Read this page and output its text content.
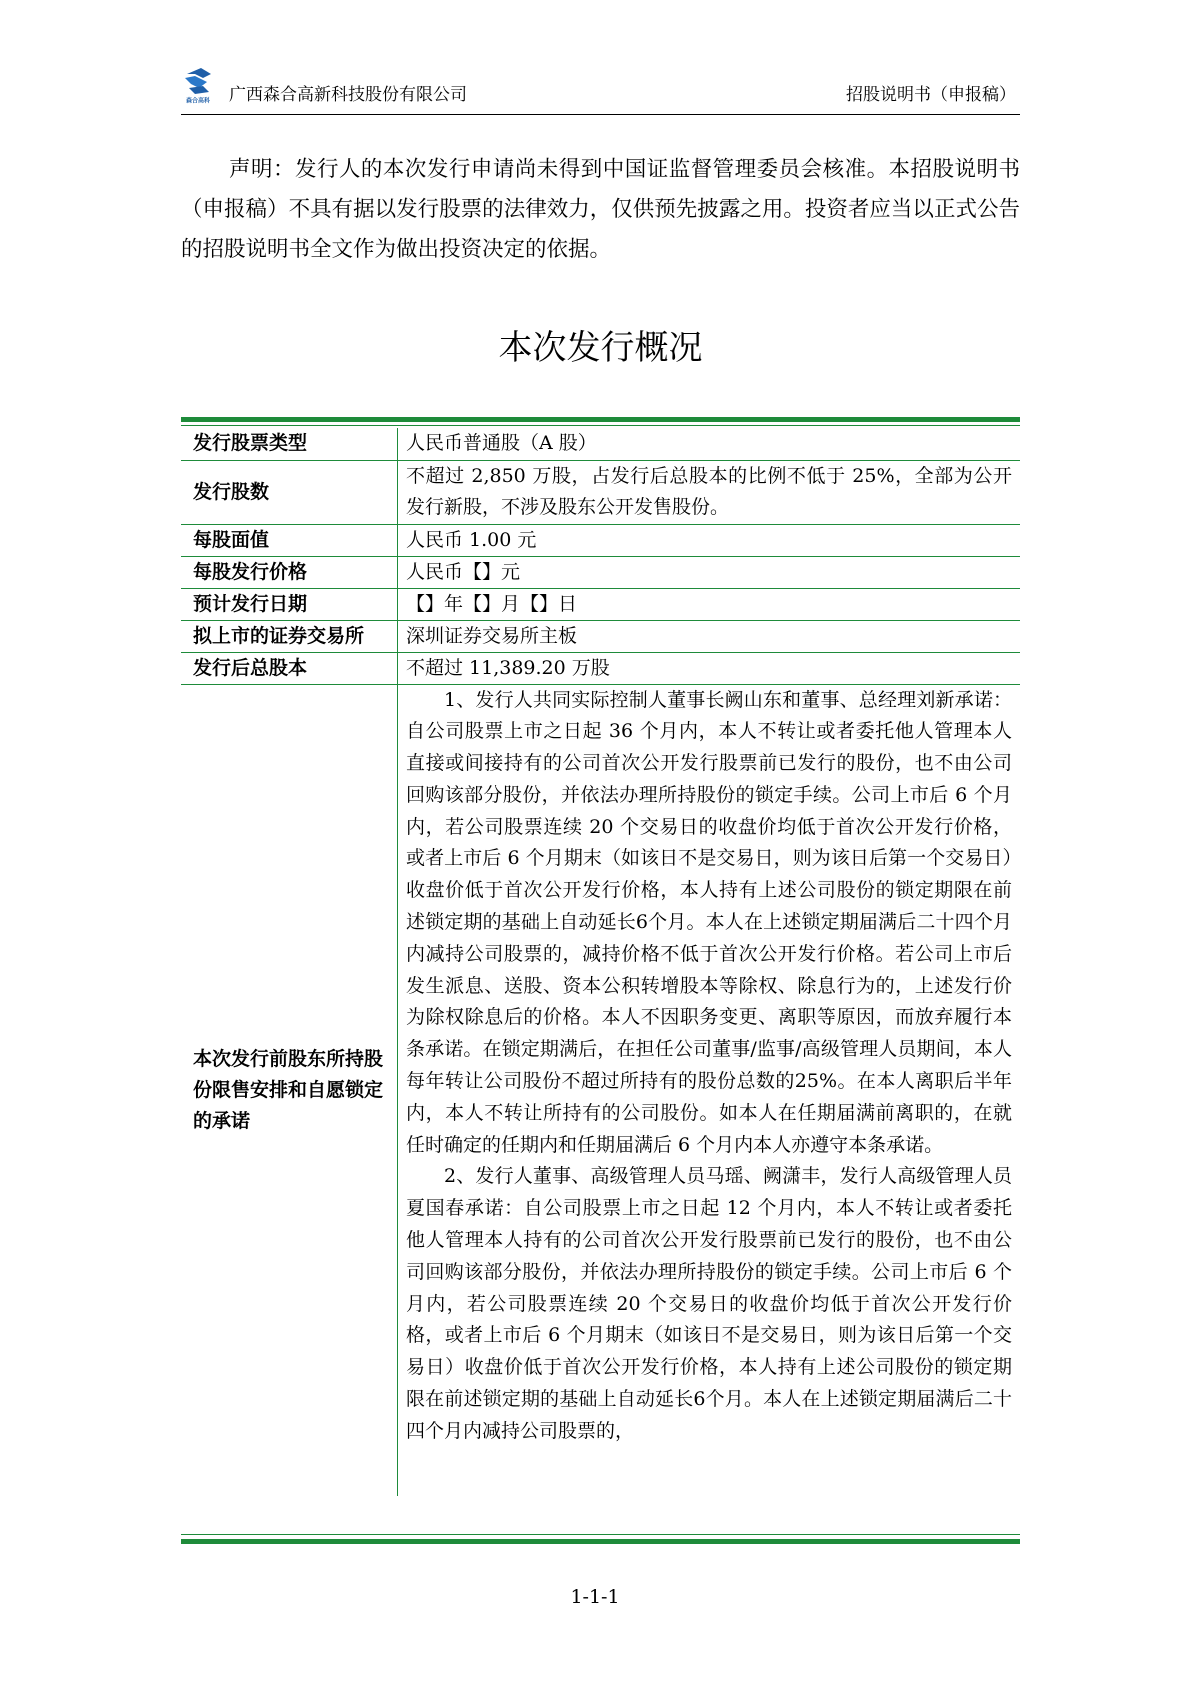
森合高科 广西森合高新科技股份有限公司	招股说明书（申报稿）
声明：发行人的本次发行申请尚未得到中国证监督管理委员会核准。本招股说明书（申报稿）不具有据以发行股票的法律效力，仅供预先披露之用。投资者应当以正式公告的招股说明书全文作为做出投资决定的依据。
本次发行概况
发行股票类型	人民币普通股（A 股）
发行股数	不超过 2,850 万股，占发行后总股本的比例不低于 25%，全部为公开发行新股，不涉及股东公开发售股份。
每股面值	人民币 1.00 元
每股发行价格	人民币【】元
预计发行日期	【】年【】月【】日
拟上市的证券交易所	深圳证券交易所主板
发行后总股本	不超过 11,389.20 万股
本次发行前股东所持股份限售安排和自愿锁定的承诺	1、发行人共同实际控制人董事长阙山东和董事、总经理刘新承诺：自公司股票上市之日起 36 个月内，本人不转让或者委托他人管理本人直接或间接持有的公司首次公开发行股票前已发行的股份，也不由公司回购该部分股份，并依法办理所持股份的锁定手续。公司上市后 6 个月内，若公司股票连续 20 个交易日的收盘价均低于首次公开发行价格，或者上市后 6 个月期末（如该日不是交易日，则为该日后第一个交易日）收盘价低于首次公开发行价格，本人持有上述公司股份的锁定期限在前述锁定期的基础上自动延长6个月。本人在上述锁定期届满后二十四个月内减持公司股票的，减持价格不低于首次公开发行价格。若公司上市后发生派息、送股、资本公积转增股本等除权、除息行为的，上述发行价为除权除息后的价格。本人不因职务变更、离职等原因，而放弃履行本条承诺。在锁定期满后，在担任公司董事/监事/高级管理人员期间，本人每年转让公司股份不超过所持有的股份总数的25%。在本人离职后半年内，本人不转让所持有的公司股份。如本人在任期届满前离职的，在就任时确定的任期内和任期届满后 6 个月内本人亦遵守本条承诺。
2、发行人董事、高级管理人员马瑶、阙潇丰，发行人高级管理人员夏国春承诺：自公司股票上市之日起 12 个月内，本人不转让或者委托他人管理本人持有的公司首次公开发行股票前已发行的股份，也不由公司回购该部分股份，并依法办理所持股份的锁定手续。公司上市后 6 个月内，若公司股票连续 20 个交易日的收盘价均低于首次公开发行价格，或者上市后 6 个月期末（如该日不是交易日，则为该日后第一个交易日）收盘价低于首次公开发行价格，本人持有上述公司股份的锁定期限在前述锁定期的基础上自动延长6个月。本人在上述锁定期届满后二十四个月内减持公司股票的，
1-1-1
